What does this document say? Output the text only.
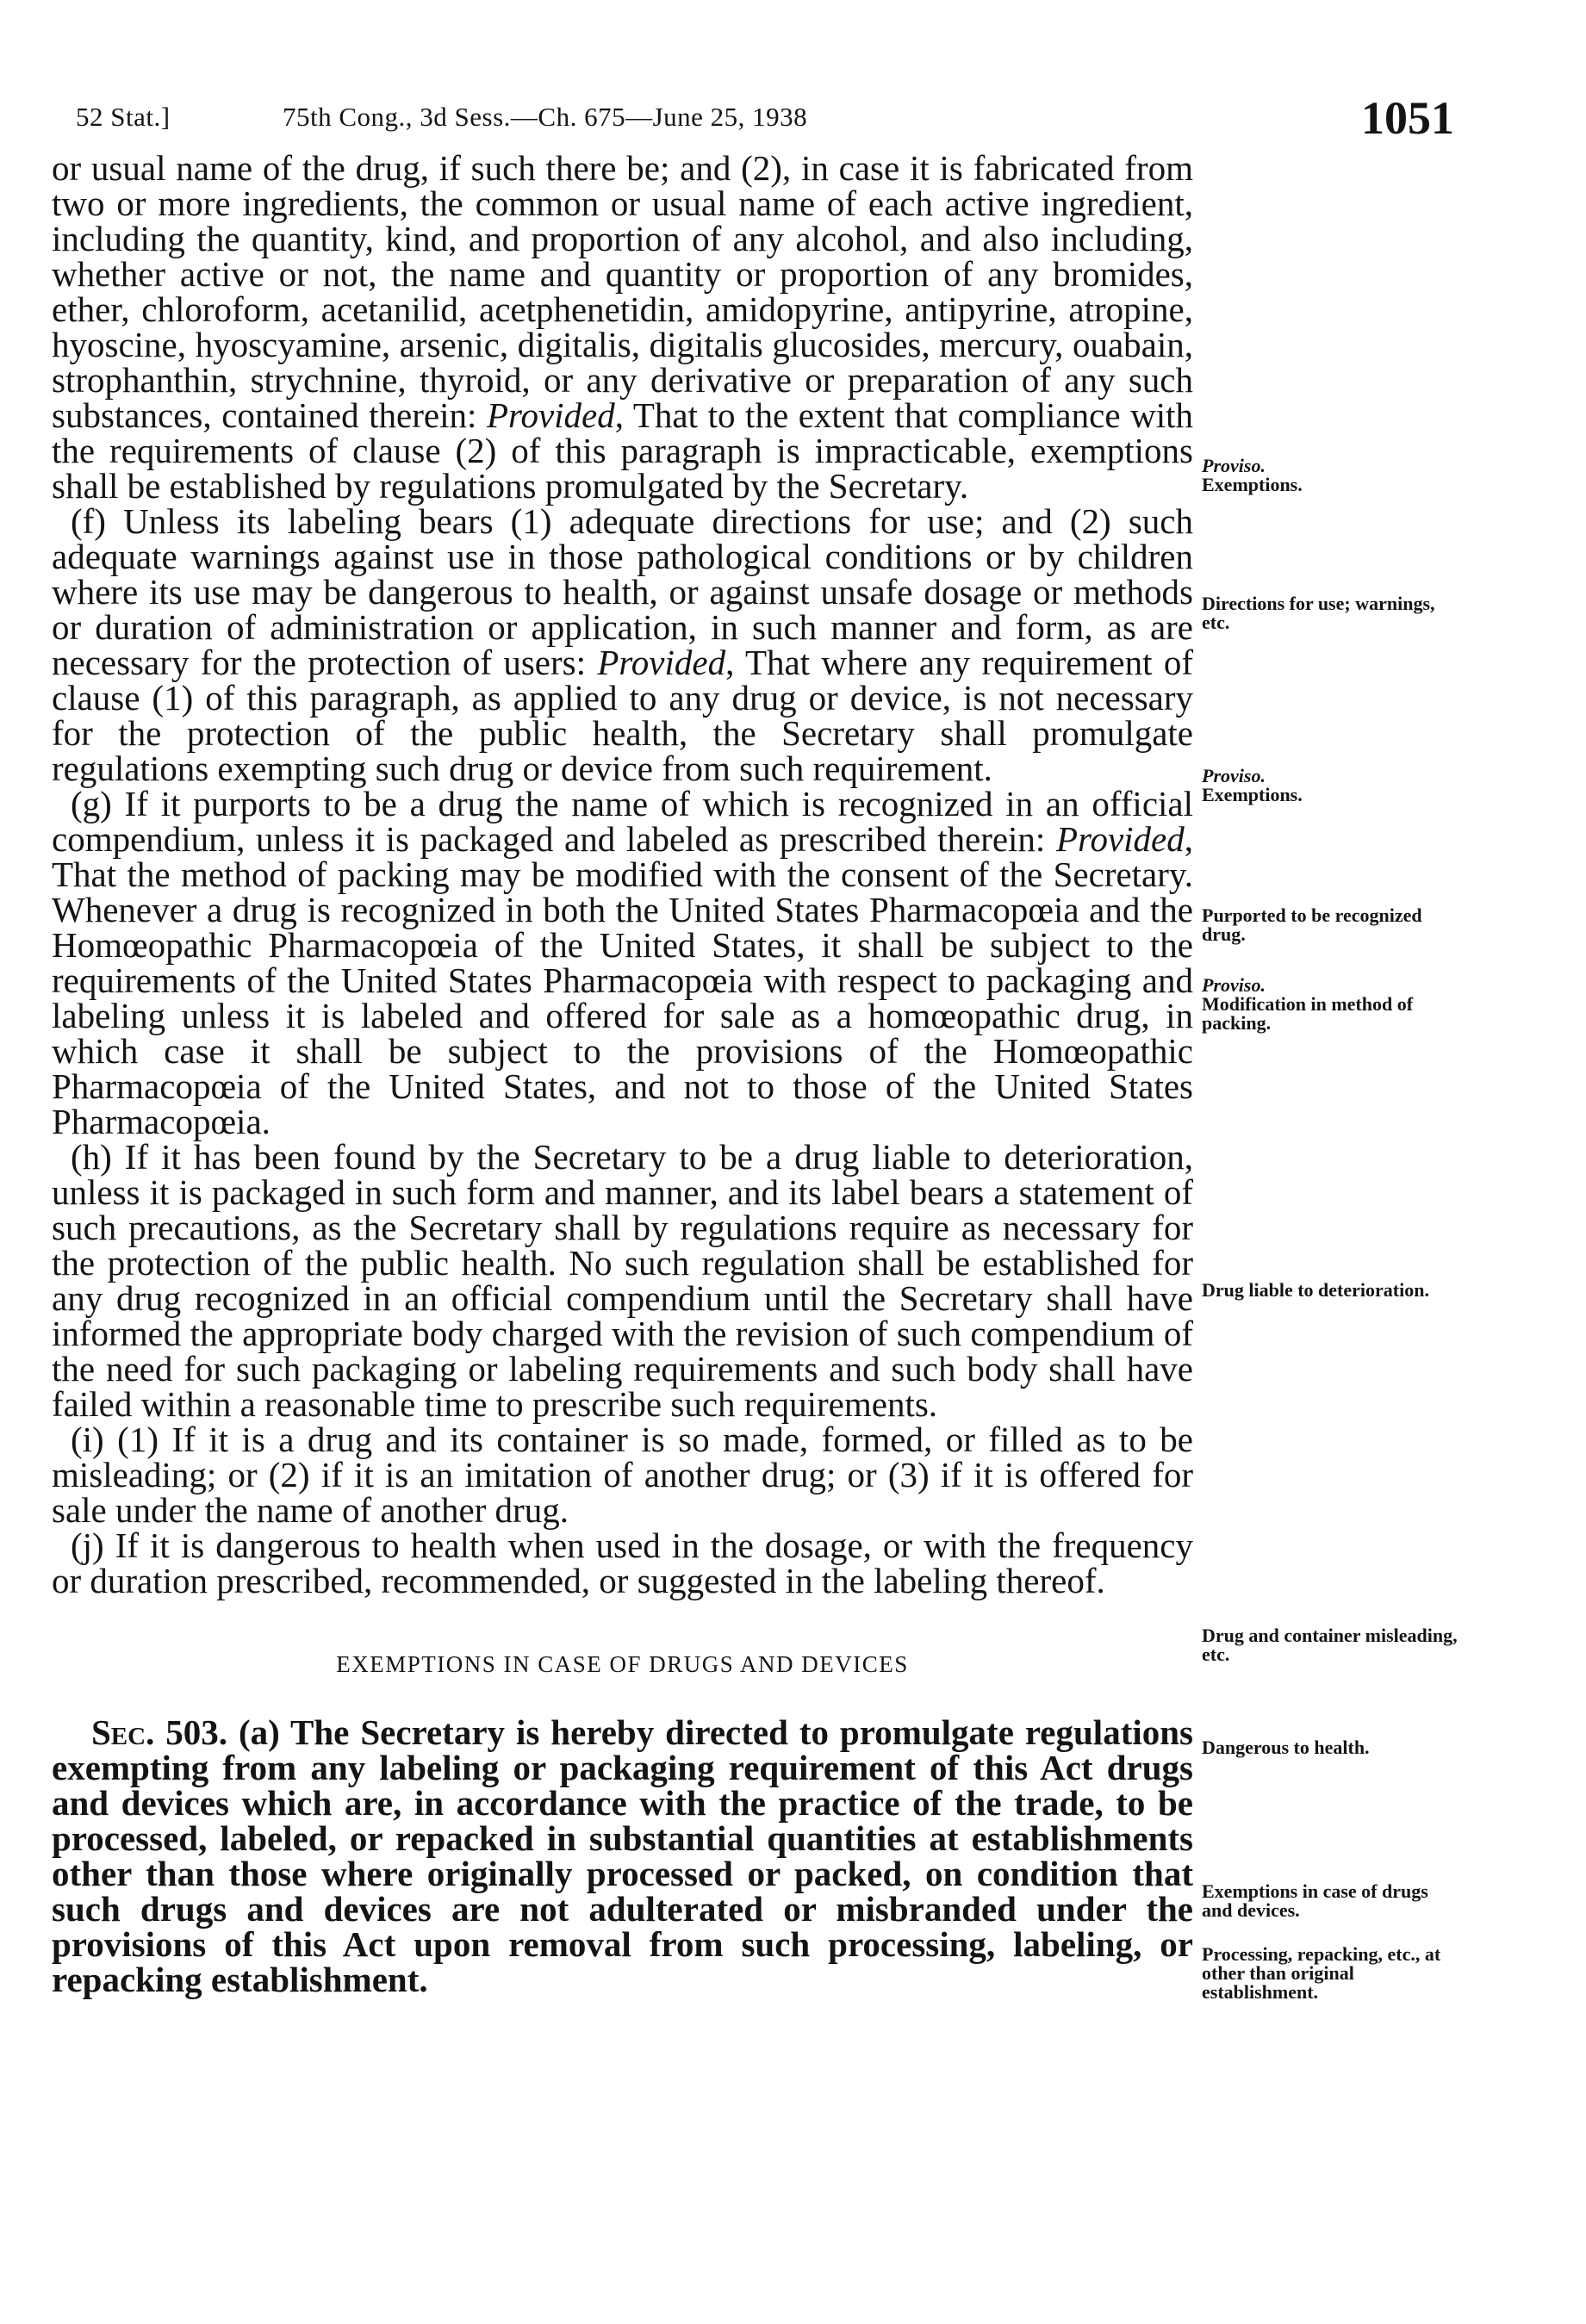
52 Stat.]	75th Cong., 3d Sess.—Ch. 675—June 25, 1938	1051

or usual name of the drug, if such there be; and (2), in case it is fabricated from two or more ingredients, the common or usual name of each active ingredient, including the quantity, kind, and proportion of any alcohol, and also including, whether active or not, the name and quantity or proportion of any bromides, ether, chloroform, acetanilid, acetphenetidin, amidopyrine, antipyrine, atropine, hyoscine, hyoscyamine, arsenic, digitalis, digitalis glucosides, mercury, ouabain, strophanthin, strychnine, thyroid, or any derivative or preparation of any such substances, contained therein: Provided, That to the extent that compliance with the requirements of clause (2) of this paragraph is impracticable, exemptions shall be established by regulations promulgated by the Secretary.

(f) Unless its labeling bears (1) adequate directions for use; and (2) such adequate warnings against use in those pathological conditions or by children where its use may be dangerous to health, or against unsafe dosage or methods or duration of administration or application, in such manner and form, as are necessary for the protection of users: Provided, That where any requirement of clause (1) of this paragraph, as applied to any drug or device, is not necessary for the protection of the public health, the Secretary shall promulgate regulations exempting such drug or device from such requirement.

(g) If it purports to be a drug the name of which is recognized in an official compendium, unless it is packaged and labeled as prescribed therein: Provided, That the method of packing may be modified with the consent of the Secretary. Whenever a drug is recognized in both the United States Pharmacopœia and the Homœopathic Pharmacopœia of the United States, it shall be subject to the requirements of the United States Pharmacopœia with respect to packaging and labeling unless it is labeled and offered for sale as a homœopathic drug, in which case it shall be subject to the provisions of the Homœopathic Pharmacopœia of the United States, and not to those of the United States Pharmacopœia.

(h) If it has been found by the Secretary to be a drug liable to deterioration, unless it is packaged in such form and manner, and its label bears a statement of such precautions, as the Secretary shall by regulations require as necessary for the protection of the public health. No such regulation shall be established for any drug recognized in an official compendium until the Secretary shall have informed the appropriate body charged with the revision of such compendium of the need for such packaging or labeling requirements and such body shall have failed within a reasonable time to prescribe such requirements.

(i) (1) If it is a drug and its container is so made, formed, or filled as to be misleading; or (2) if it is an imitation of another drug; or (3) if it is offered for sale under the name of another drug.

(j) If it is dangerous to health when used in the dosage, or with the frequency or duration prescribed, recommended, or suggested in the labeling thereof.

EXEMPTIONS IN CASE OF DRUGS AND DEVICES

Sec. 503. (a) The Secretary is hereby directed to promulgate regulations exempting from any labeling or packaging requirement of this Act drugs and devices which are, in accordance with the practice of the trade, to be processed, labeled, or repacked in substantial quantities at establishments other than those where originally processed or packed, on condition that such drugs and devices are not adulterated or misbranded under the provisions of this Act upon removal from such processing, labeling, or repacking establishment.

Proviso.
Exemptions.
Directions for use; warnings, etc.
Proviso.
Exemptions.
Purported to be recognized drug.
Proviso.
Modification in method of packing.
Drug liable to deterioration.
Drug and container misleading, etc.
Dangerous to health.
Exemptions in case of drugs and devices.
Processing, repacking, etc., at other than original establishment.
